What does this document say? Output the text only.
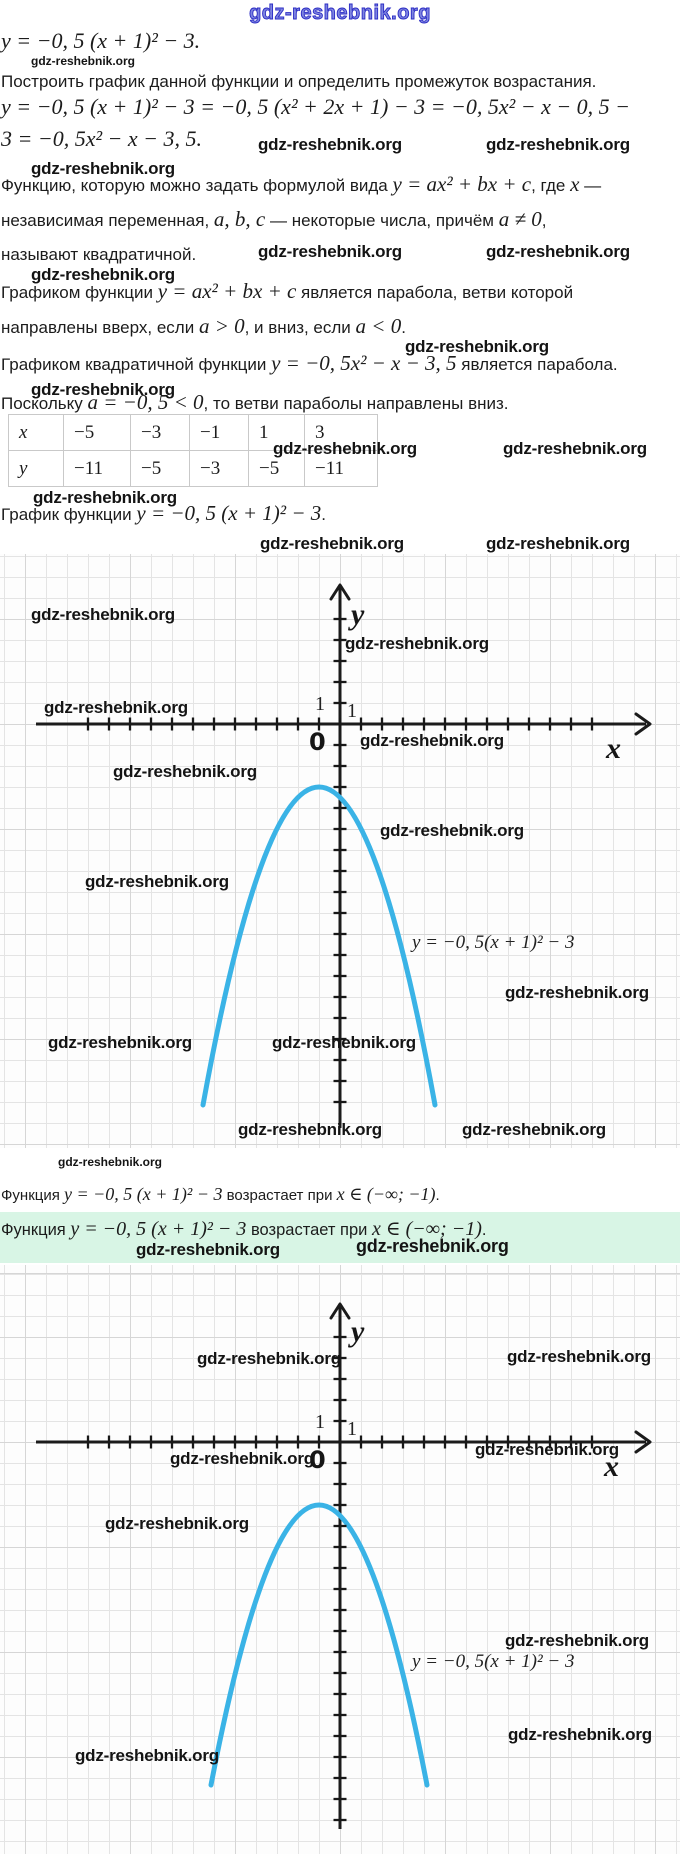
gdz-reshebnik.org
y = −0, 5 (x + 1)² − 3.
Построить график данной функции и определить промежуток возрастания.
y = −0, 5 (x + 1)² − 3 = −0, 5 (x² + 2x + 1) − 3 = −0, 5x² − x − 0, 5 −
3 = −0, 5x² − x − 3, 5.
Функцию, которую можно задать формулой вида y = ax² + bx + c, где x —
независимая переменная, a, b, c — некоторые числа, причём a ≠ 0,
называют квадратичной.
Графиком функции y = ax² + bx + c является парабола, ветви которой
направлены вверх, если a > 0, и вниз, если a < 0.
Графиком квадратичной функции y = −0, 5x² − x − 3, 5 является парабола.
Поскольку a = −0, 5 < 0, то ветви параболы направлены вниз.
x	−5	−3	−1	1	3
y	−11	−5	−3	−5	−11
График функции y = −0, 5 (x + 1)² − 3.
Функция y = −0, 5 (x + 1)² − 3 возрастает при x ∈ (−∞; −1).
Функция y = −0, 5 (x + 1)² − 3 возрастает при x ∈ (−∞; −1).
y
x
0
1 1
y = −0, 5(x + 1)² − 3
gdz-reshebnik.org
gdz-reshebnik.org
gdz-reshebnik.org
gdz-reshebnik.org
gdz-reshebnik.org
gdz-reshebnik.org
gdz-reshebnik.org
gdz-reshebnik.org
gdz-reshebnik.org	gdz-reshebnik.org
gdz-reshebnik.org	gdz-reshebnik.org
y
x
0
1 1
y = −0, 5(x + 1)² − 3
gdz-reshebnik.org	gdz-reshebnik.org
gdz-reshebnik.org	gdz-reshebnik.org
gdz-reshebnik.org
gdz-reshebnik.org
gdz-reshebnik.org
gdz-reshebnik.org
gdz-reshebnik.org
gdz-reshebnik.org	gdz-reshebnik.org
gdz-reshebnik.org
gdz-reshebnik.org	gdz-reshebnik.org
gdz-reshebnik.org
gdz-reshebnik.org
gdz-reshebnik.org
gdz-reshebnik.org	gdz-reshebnik.org
gdz-reshebnik.org
gdz-reshebnik.org	gdz-reshebnik.org
gdz-reshebnik.org
gdz-reshebnik.org	gdz-reshebnik.org
